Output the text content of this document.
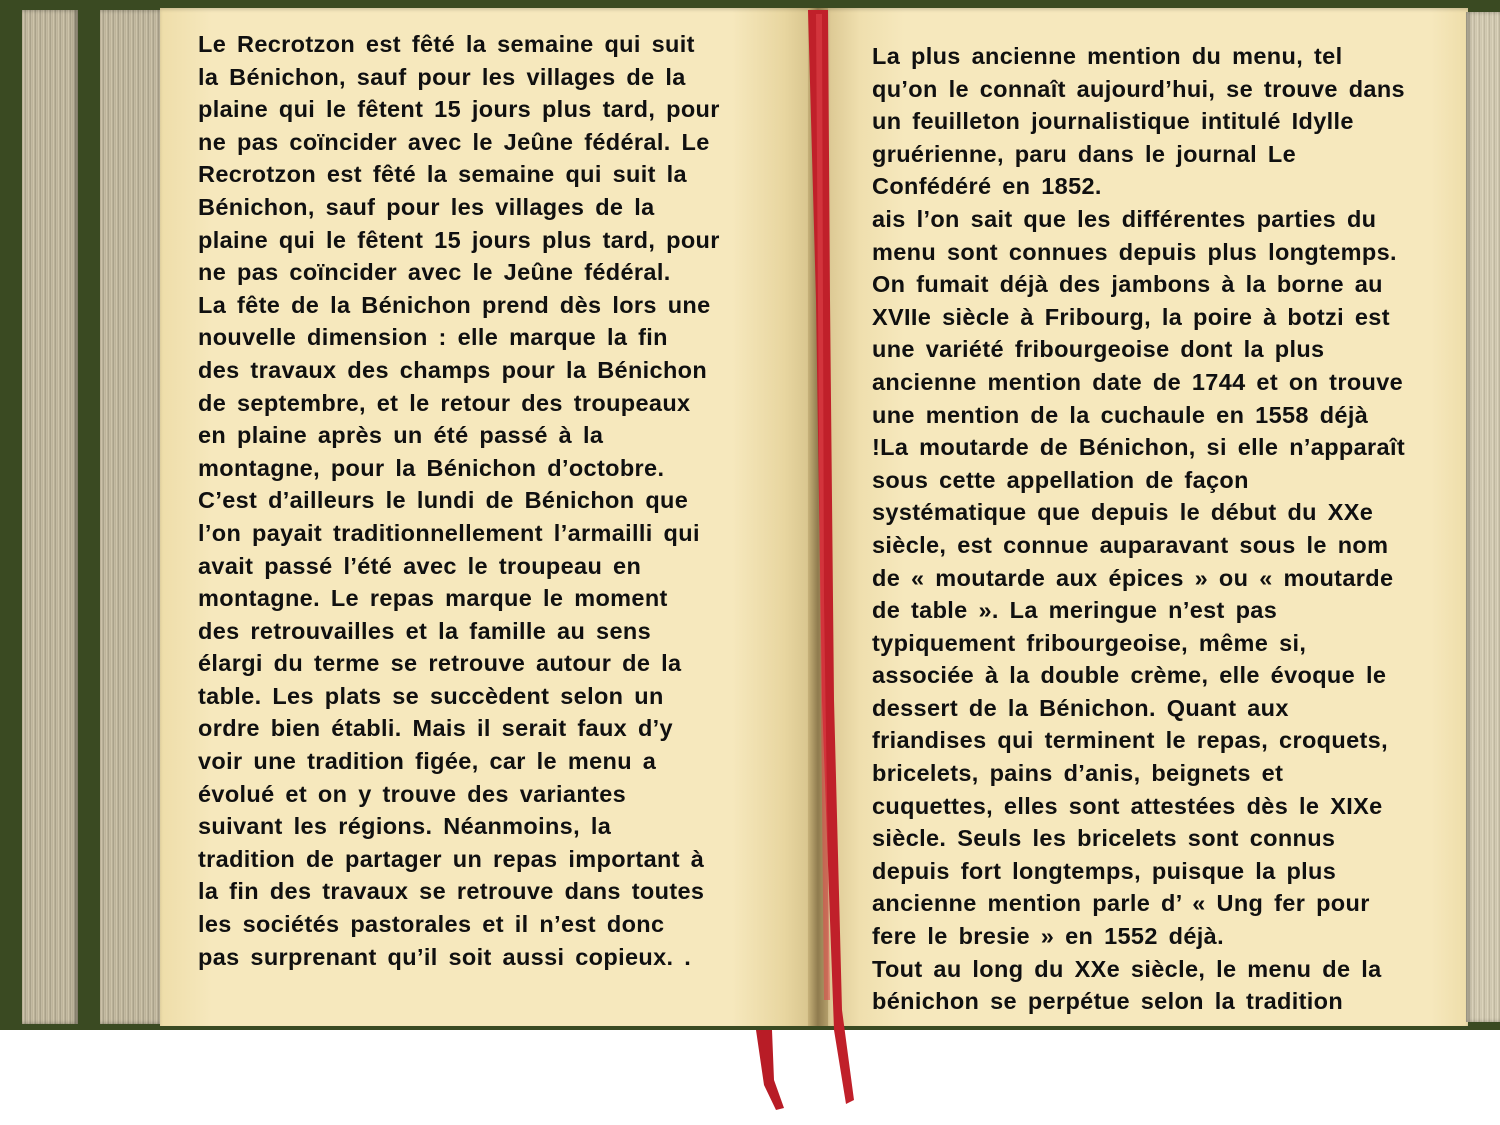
Le Recrotzon est fêté la semaine qui suit
la Bénichon, sauf pour les villages de la
plaine qui le fêtent 15 jours plus tard, pour
ne pas coïncider avec le Jeûne fédéral. Le
Recrotzon est fêté la semaine qui suit la
Bénichon, sauf pour les villages de la
plaine qui le fêtent 15 jours plus tard, pour
ne pas coïncider avec le Jeûne fédéral.
La fête de la Bénichon prend dès lors une
nouvelle dimension : elle marque la fin
des travaux des champs pour la Bénichon
de septembre, et le retour des troupeaux
en plaine après un été passé à la
montagne, pour la Bénichon d’octobre.
C’est d’ailleurs le lundi de Bénichon que
l’on payait traditionnellement l’armailli qui
avait passé l’été avec le troupeau en
montagne. Le repas marque le moment
des retrouvailles et la famille au sens
élargi du terme se retrouve autour de la
table. Les plats se succèdent selon un
ordre bien établi. Mais il serait faux d’y
voir une tradition figée, car le menu a
évolué et on y trouve des variantes
suivant les régions. Néanmoins, la
tradition de partager un repas important à
la fin des travaux se retrouve dans toutes
les sociétés pastorales et il n’est donc
pas surprenant qu’il soit aussi copieux. .
La plus ancienne mention du menu, tel
qu’on le connaît aujourd’hui, se trouve dans
un feuilleton journalistique intitulé Idylle
gruérienne, paru dans le journal Le
Confédéré en 1852.
ais l’on sait que les différentes parties du
menu sont connues depuis plus longtemps.
On fumait déjà des jambons à la borne au
XVIIe siècle à Fribourg, la poire à botzi est
une variété fribourgeoise dont la plus
ancienne mention date de 1744 et on trouve
une mention de la cuchaule en 1558 déjà
!La moutarde de Bénichon, si elle n’apparaît
sous cette appellation de façon
systématique que depuis le début du XXe
siècle, est connue auparavant sous le nom
de « moutarde aux épices » ou « moutarde
de table ». La meringue n’est pas
typiquement fribourgeoise, même si,
associée à la double crème, elle évoque le
dessert de la Bénichon. Quant aux
friandises qui terminent le repas, croquets,
bricelets, pains d’anis, beignets et
cuquettes, elles sont attestées dès le XIXe
siècle. Seuls les bricelets sont connus
depuis fort longtemps, puisque la plus
ancienne mention parle d’ « Ung fer pour
fere le bresie » en 1552 déjà.
Tout au long du XXe siècle, le menu de la
bénichon se perpétue selon la tradition
